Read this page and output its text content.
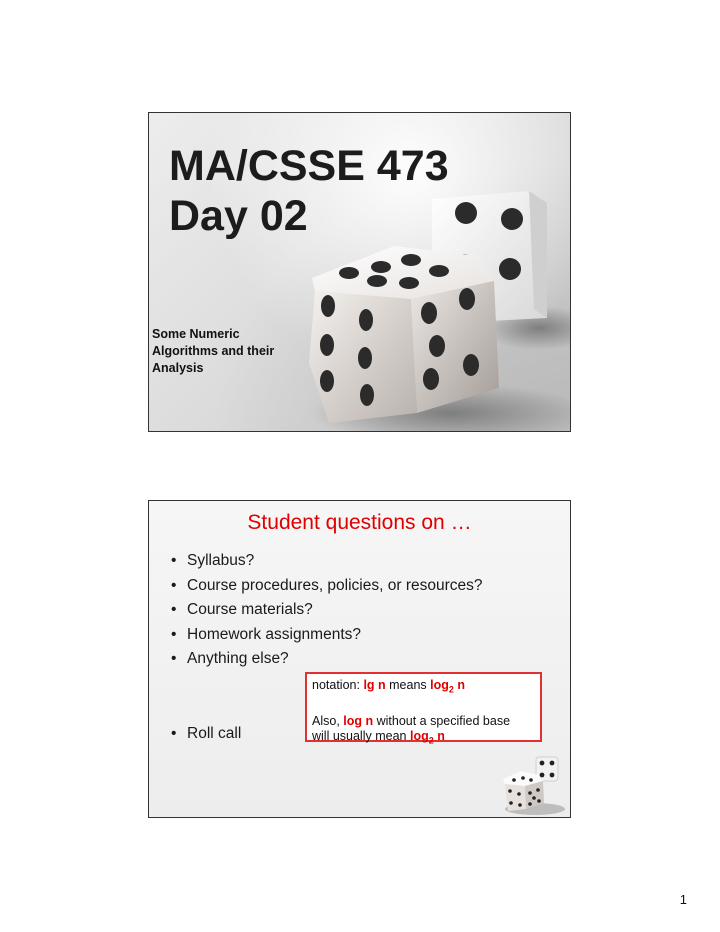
MA/CSSE 473
Day 02
Some Numeric
Algorithms and their
Analysis
Student questions on …
• Syllabus?
• Course procedures, policies, or resources?
• Course materials?
• Homework assignments?
• Anything else?
• Roll call

notation: lg n means $\log_2 n$

Also, log n without a specified base

will usually mean $\log_2 n$

1
